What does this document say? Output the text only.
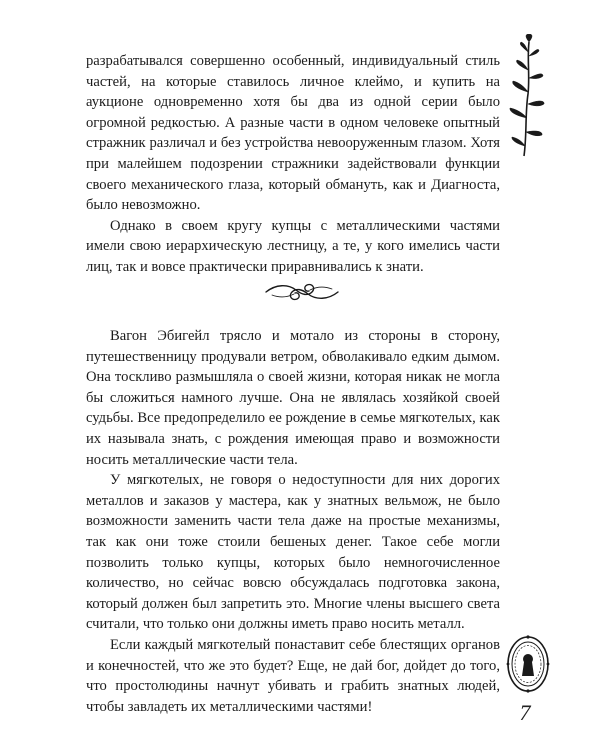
разрабатывался совершенно особенный, индивидуальный стиль частей, на которые ставилось личное клеймо, и купить на аукционе одновременно хотя бы два из одной серии было огромной редкостью. А разные части в одном человеке опытный стражник различал и без устройства невооруженным глазом. Хотя при малейшем подозрении стражники задействовали функции своего механического глаза, который обмануть, как и Диагноста, было невозможно.

Однако в своем кругу купцы с металлическими частями имели свою иерархическую лестницу, а те, у кого имелись части лиц, так и вовсе практически приравнивались к знати.

Вагон Эбигейл трясло и мотало из стороны в сторону, путешественницу продували ветром, обволакивало едким дымом. Она тоскливо размышляла о своей жизни, которая никак не могла бы сложиться намного лучше. Она не являлась хозяйкой своей судьбы. Все предопределило ее рождение в семье мягкотелых, как их называла знать, с рождения имеющая право и возможности носить металлические части тела.

У мягкотелых, не говоря о недоступности для них дорогих металлов и заказов у мастера, как у знатных вельмож, не было возможности заменить части тела даже на простые механизмы, так как они тоже стоили бешеных денег. Такое себе могли позволить только купцы, которых было немногочисленное количество, но сейчас вовсю обсуждалась подготовка закона, который должен был запретить это. Многие члены высшего света считали, что только они должны иметь право носить металл.

Если каждый мягкотелый понаставит себе блестящих органов и конечностей, что же это будет? Еще, не дай бог, дойдет до того, что простолюдины начнут убивать и грабить знатных людей, чтобы завладеть их металлическими частями!	7
